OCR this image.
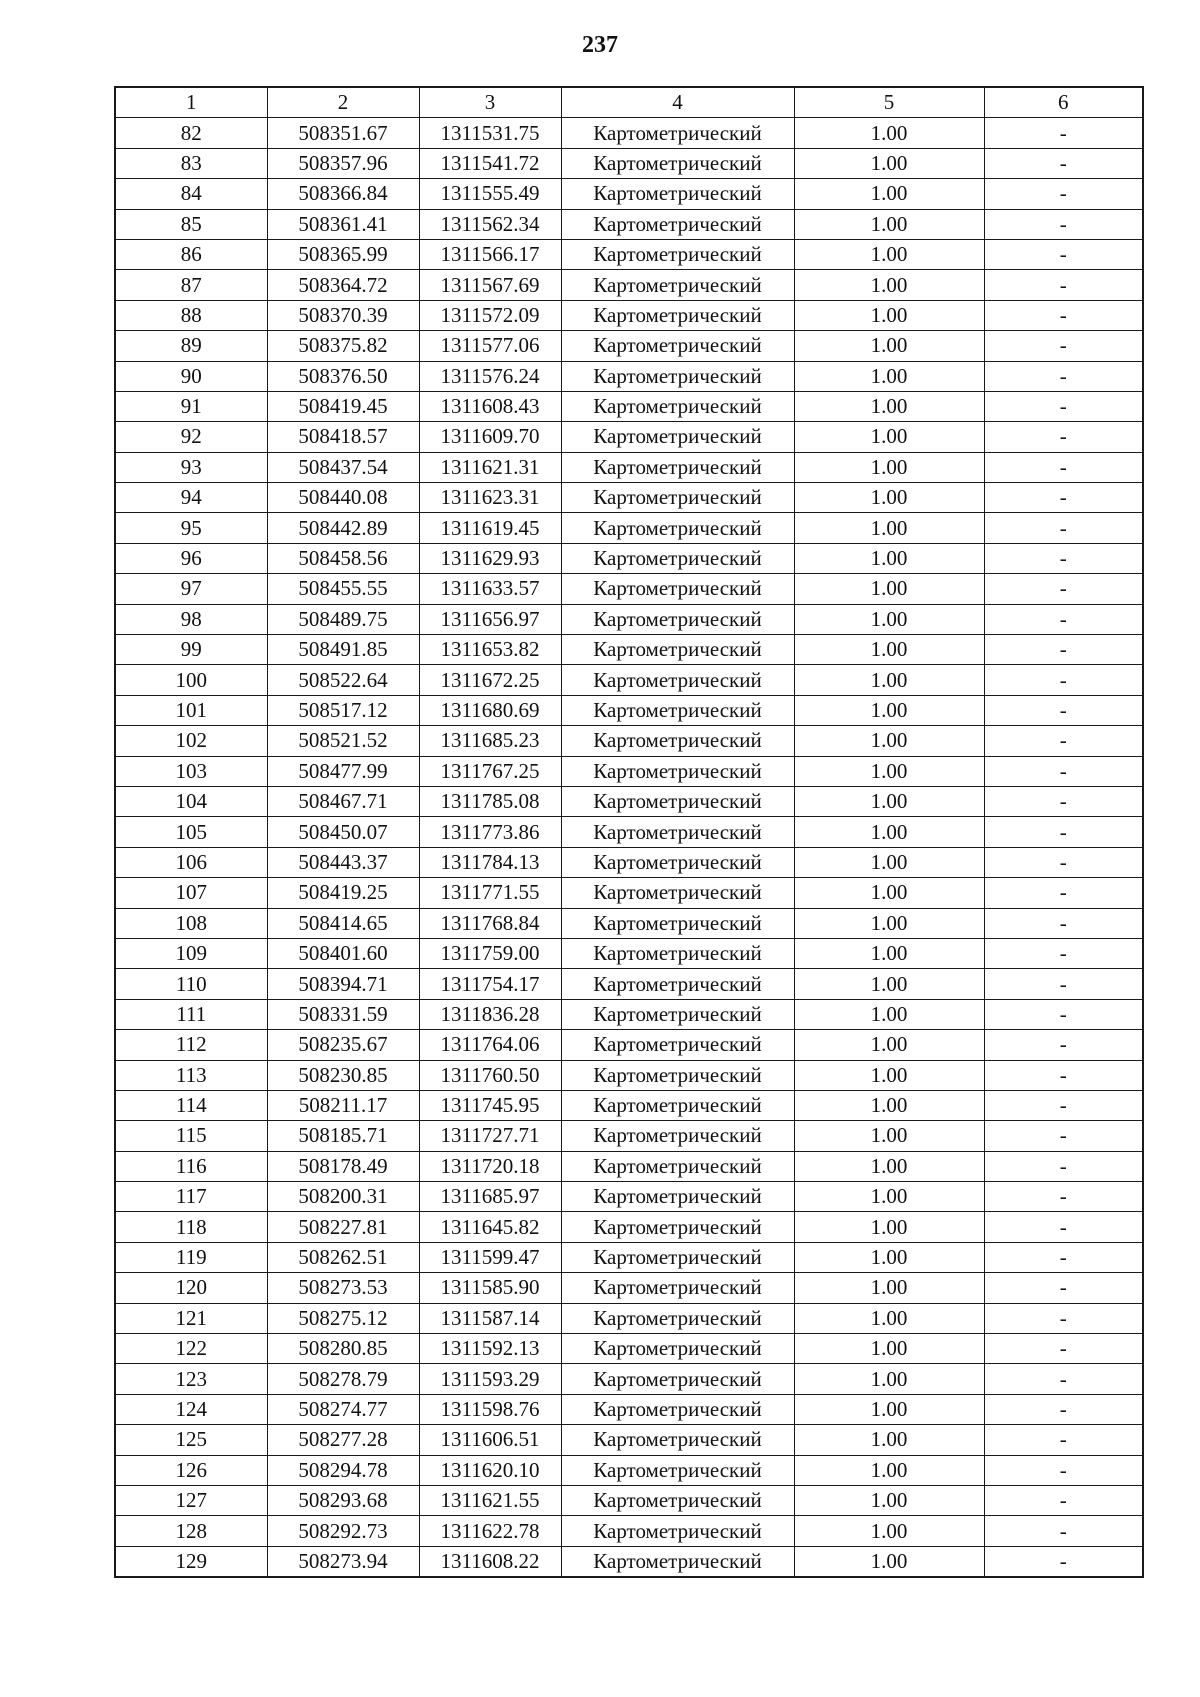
237
1	2	3	4	5	6
82	508351.67	1311531.75	Картометрический	1.00	-
83	508357.96	1311541.72	Картометрический	1.00	-
84	508366.84	1311555.49	Картометрический	1.00	-
85	508361.41	1311562.34	Картометрический	1.00	-
86	508365.99	1311566.17	Картометрический	1.00	-
87	508364.72	1311567.69	Картометрический	1.00	-
88	508370.39	1311572.09	Картометрический	1.00	-
89	508375.82	1311577.06	Картометрический	1.00	-
90	508376.50	1311576.24	Картометрический	1.00	-
91	508419.45	1311608.43	Картометрический	1.00	-
92	508418.57	1311609.70	Картометрический	1.00	-
93	508437.54	1311621.31	Картометрический	1.00	-
94	508440.08	1311623.31	Картометрический	1.00	-
95	508442.89	1311619.45	Картометрический	1.00	-
96	508458.56	1311629.93	Картометрический	1.00	-
97	508455.55	1311633.57	Картометрический	1.00	-
98	508489.75	1311656.97	Картометрический	1.00	-
99	508491.85	1311653.82	Картометрический	1.00	-
100	508522.64	1311672.25	Картометрический	1.00	-
101	508517.12	1311680.69	Картометрический	1.00	-
102	508521.52	1311685.23	Картометрический	1.00	-
103	508477.99	1311767.25	Картометрический	1.00	-
104	508467.71	1311785.08	Картометрический	1.00	-
105	508450.07	1311773.86	Картометрический	1.00	-
106	508443.37	1311784.13	Картометрический	1.00	-
107	508419.25	1311771.55	Картометрический	1.00	-
108	508414.65	1311768.84	Картометрический	1.00	-
109	508401.60	1311759.00	Картометрический	1.00	-
110	508394.71	1311754.17	Картометрический	1.00	-
111	508331.59	1311836.28	Картометрический	1.00	-
112	508235.67	1311764.06	Картометрический	1.00	-
113	508230.85	1311760.50	Картометрический	1.00	-
114	508211.17	1311745.95	Картометрический	1.00	-
115	508185.71	1311727.71	Картометрический	1.00	-
116	508178.49	1311720.18	Картометрический	1.00	-
117	508200.31	1311685.97	Картометрический	1.00	-
118	508227.81	1311645.82	Картометрический	1.00	-
119	508262.51	1311599.47	Картометрический	1.00	-
120	508273.53	1311585.90	Картометрический	1.00	-
121	508275.12	1311587.14	Картометрический	1.00	-
122	508280.85	1311592.13	Картометрический	1.00	-
123	508278.79	1311593.29	Картометрический	1.00	-
124	508274.77	1311598.76	Картометрический	1.00	-
125	508277.28	1311606.51	Картометрический	1.00	-
126	508294.78	1311620.10	Картометрический	1.00	-
127	508293.68	1311621.55	Картометрический	1.00	-
128	508292.73	1311622.78	Картометрический	1.00	-
129	508273.94	1311608.22	Картометрический	1.00	-
